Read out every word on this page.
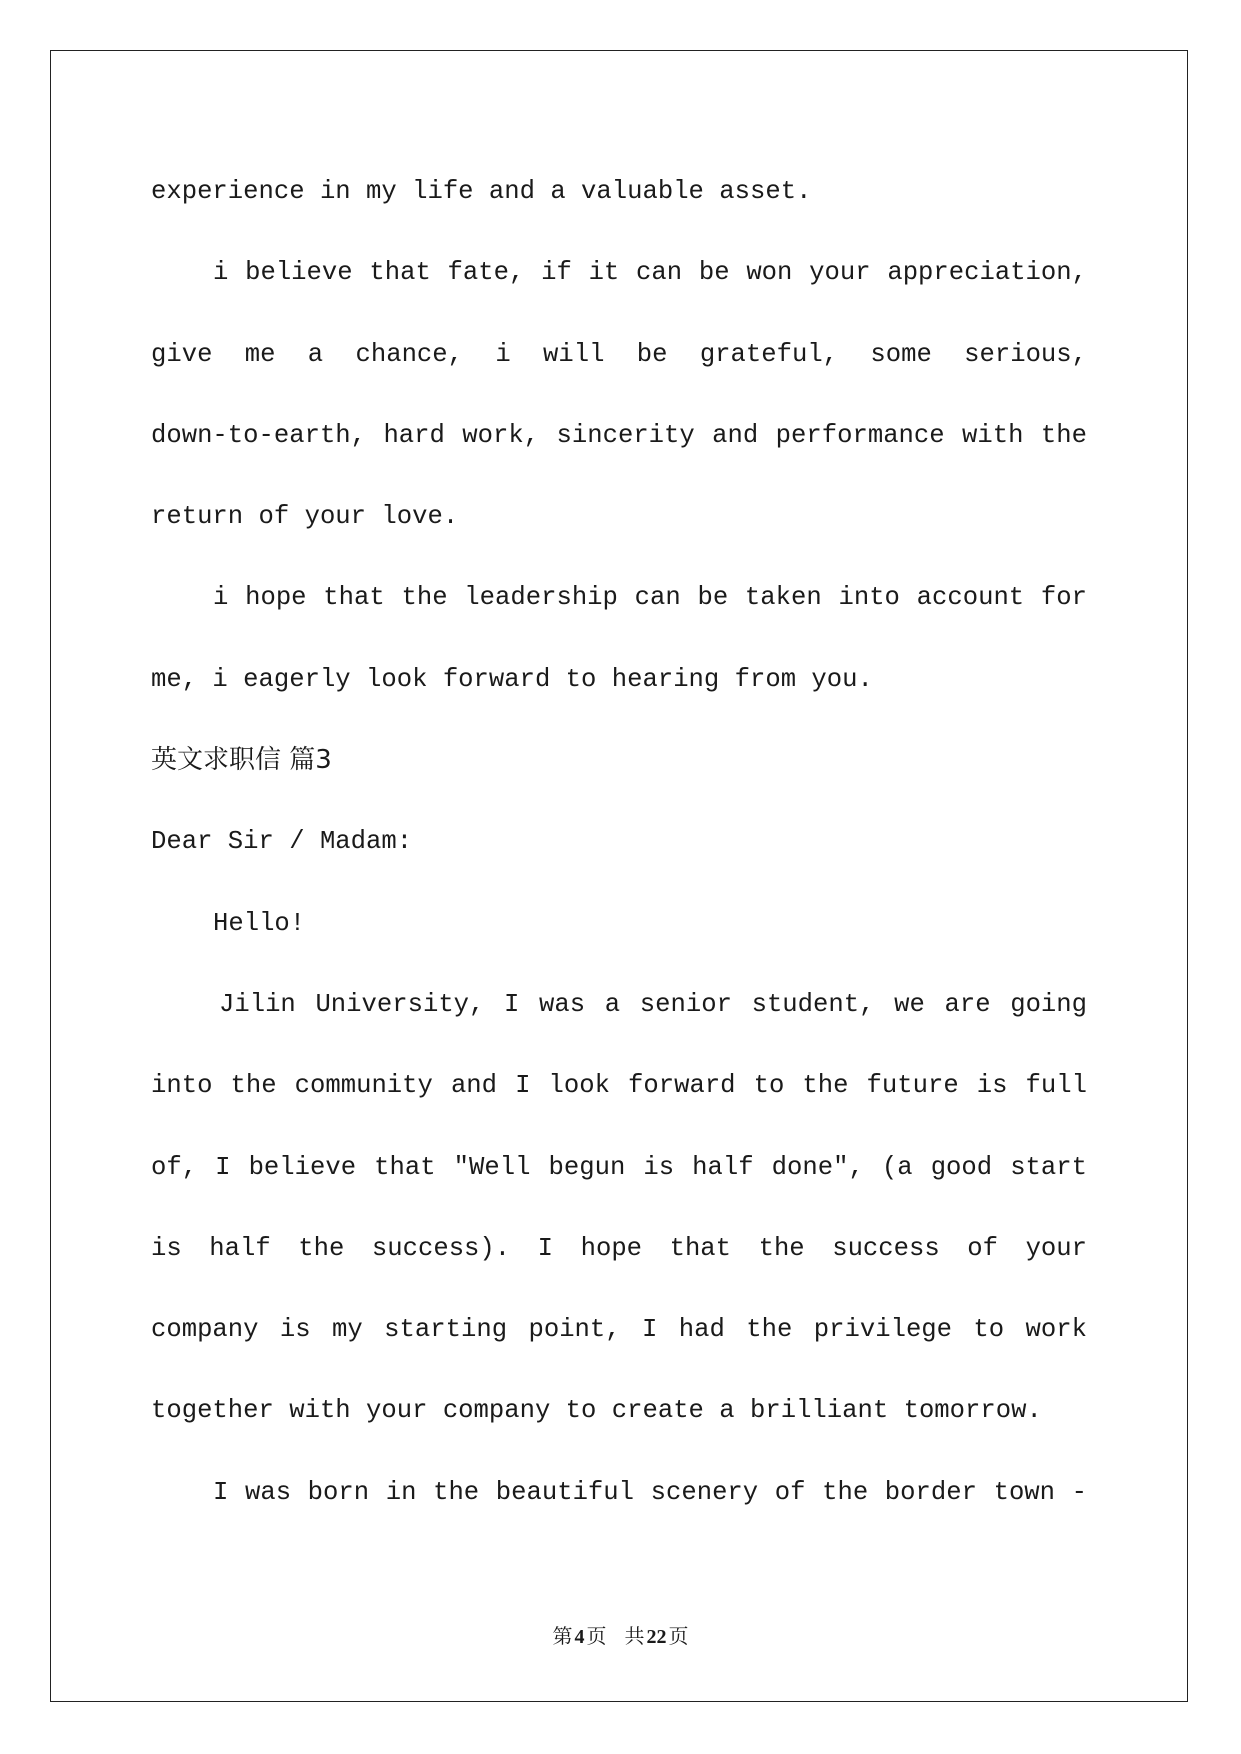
experience in my life and a valuable asset.
i believe that fate, if it can be won your appreciation,
give me a chance, i will be grateful, some serious,
down-to-earth, hard work, sincerity and performance with the
return of your love.
i hope that the leadership can be taken into account for
me, i eagerly look forward to hearing from you.
英文求职信 篇3
Dear Sir / Madam:
Hello!
Jilin University, I was a senior student, we are going
into the community and I look forward to the future is full
of, I believe that "Well begun is half done", (a good start
is half the success). I hope that the success of your
company is my starting point, I had the privilege to work
together with your company to create a brilliant tomorrow.
I was born in the beautiful scenery of the border town -
第 4 页 共 22 页
